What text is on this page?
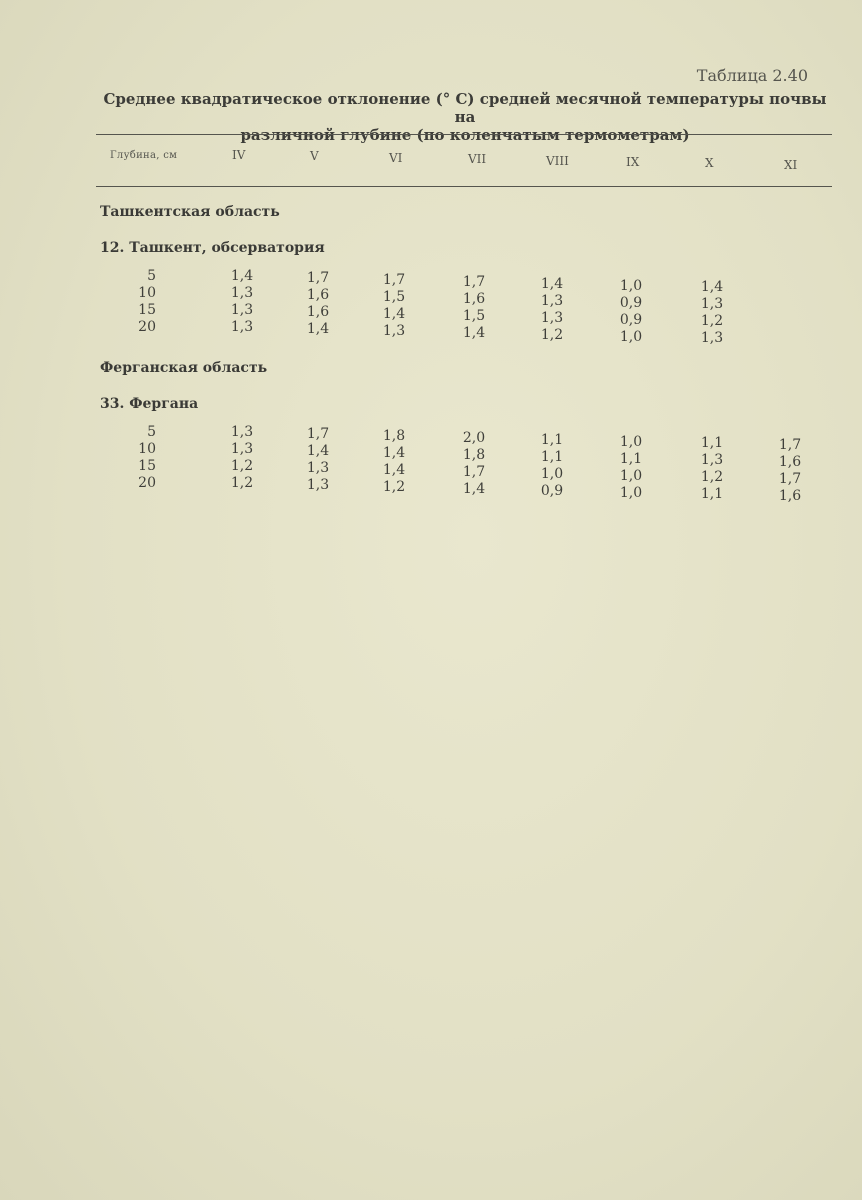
Таблица 2.40
Среднее квадратическое отклонение (° С) средней месячной температуры почвы на
различной глубине (по коленчатым термометрам)
Глубина, см	IV	V	VI	VII	VIII	IX	X	XI
Ташкентская область
12. Ташкент, обсерватория
5	1,4	1,7	1,7	1,7	1,4	1,0	1,4
10	1,3	1,6	1,5	1,6	1,3	0,9	1,3
15	1,3	1,6	1,4	1,5	1,3	0,9	1,2
20	1,3	1,4	1,3	1,4	1,2	1,0	1,3
Ферганская область
33. Фергана
5	1,3	1,7	1,8	2,0	1,1	1,0	1,1	1,7
10	1,3	1,4	1,4	1,8	1,1	1,1	1,3	1,6
15	1,2	1,3	1,4	1,7	1,0	1,0	1,2	1,7
20	1,2	1,3	1,2	1,4	0,9	1,0	1,1	1,6
